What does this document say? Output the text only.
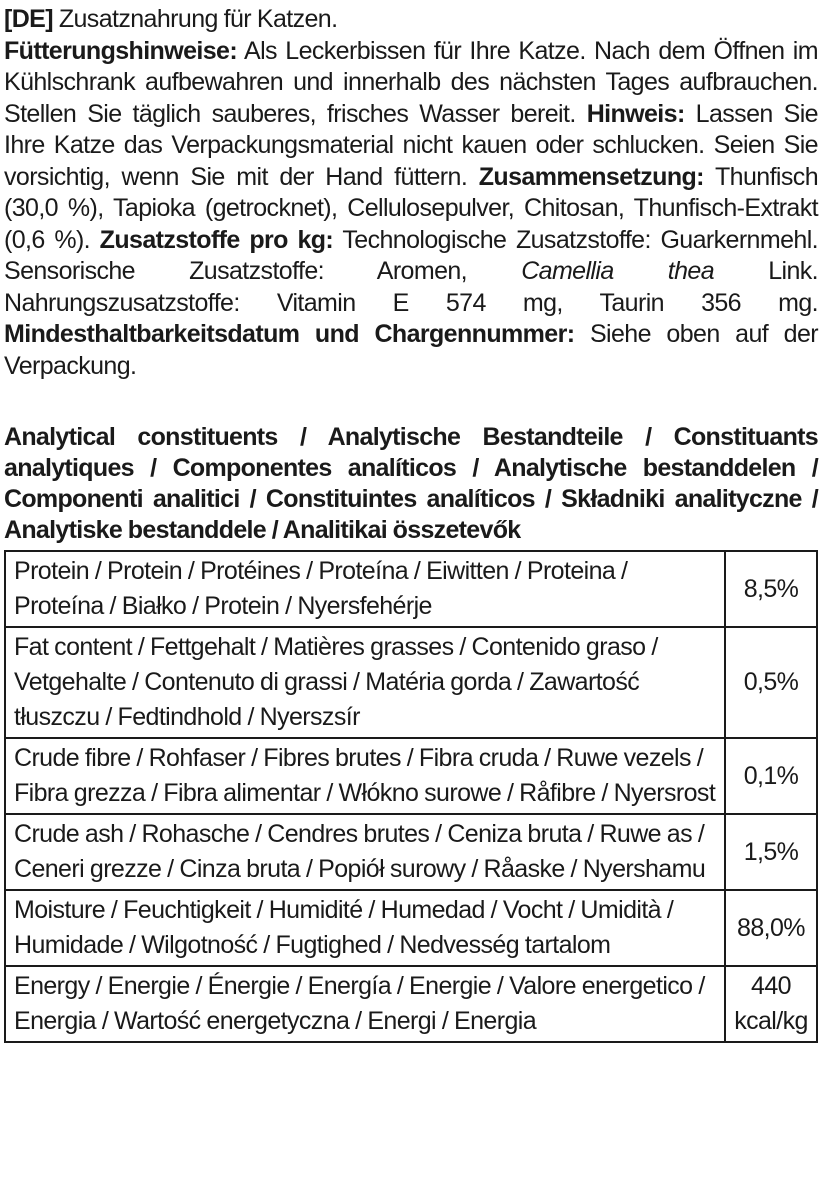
[DE] Zusatznahrung für Katzen.
Fütterungshinweise: Als Leckerbissen für Ihre Katze. Nach dem Öffnen im Kühlschrank aufbewahren und innerhalb des nächsten Tages aufbrauchen. Stellen Sie täglich sauberes, frisches Wasser bereit. Hinweis: Lassen Sie Ihre Katze das Verpackungsmaterial nicht kauen oder schlucken. Seien Sie vorsichtig, wenn Sie mit der Hand füttern. Zusammensetzung: Thunfisch (30,0 %), Tapioka (getrocknet), Cellulosepulver, Chitosan, Thunfisch-Extrakt (0,6 %). Zusatzstoffe pro kg: Technologische Zusatzstoffe: Guarkernmehl. Sensorische Zusatzstoffe: Aromen, Camellia thea Link. Nahrungszusatzstoffe: Vitamin E 574 mg, Taurin 356 mg. Mindesthaltbarkeitsdatum und Chargennummer: Siehe oben auf der Verpackung.

Analytical constituents / Analytische Bestandteile / Constituants analytiques / Componentes analíticos / Analytische bestanddelen / Componenti analitici / Constituintes analíticos / Składniki analityczne / Analytiske bestanddele / Analitikai összetevők

Protein / Protein / Protéines / Proteína / Eiwitten / Proteina / Proteína / Białko / Protein / Nyersfehérje	8,5%
Fat content / Fettgehalt / Matières grasses / Contenido graso / Vetgehalte / Contenuto di grassi / Matéria gorda / Zawartość tłuszczu / Fedtindhold / Nyerszsír	0,5%
Crude fibre / Rohfaser / Fibres brutes / Fibra cruda / Ruwe vezels / Fibra grezza / Fibra alimentar / Włókno surowe / Råfibre / Nyersrost	0,1%
Crude ash / Rohasche / Cendres brutes / Ceniza bruta / Ruwe as / Ceneri grezze / Cinza bruta / Popiół surowy / Råaske / Nyershamu	1,5%
Moisture / Feuchtigkeit / Humidité / Humedad / Vocht / Umidità / Humidade / Wilgotność / Fugtighed / Nedvesség tartalom	88,0%
Energy / Energie / Énergie / Energía / Energie / Valore energetico / Energia / Wartość energetyczna / Energi / Energia	440 kcal/kg
